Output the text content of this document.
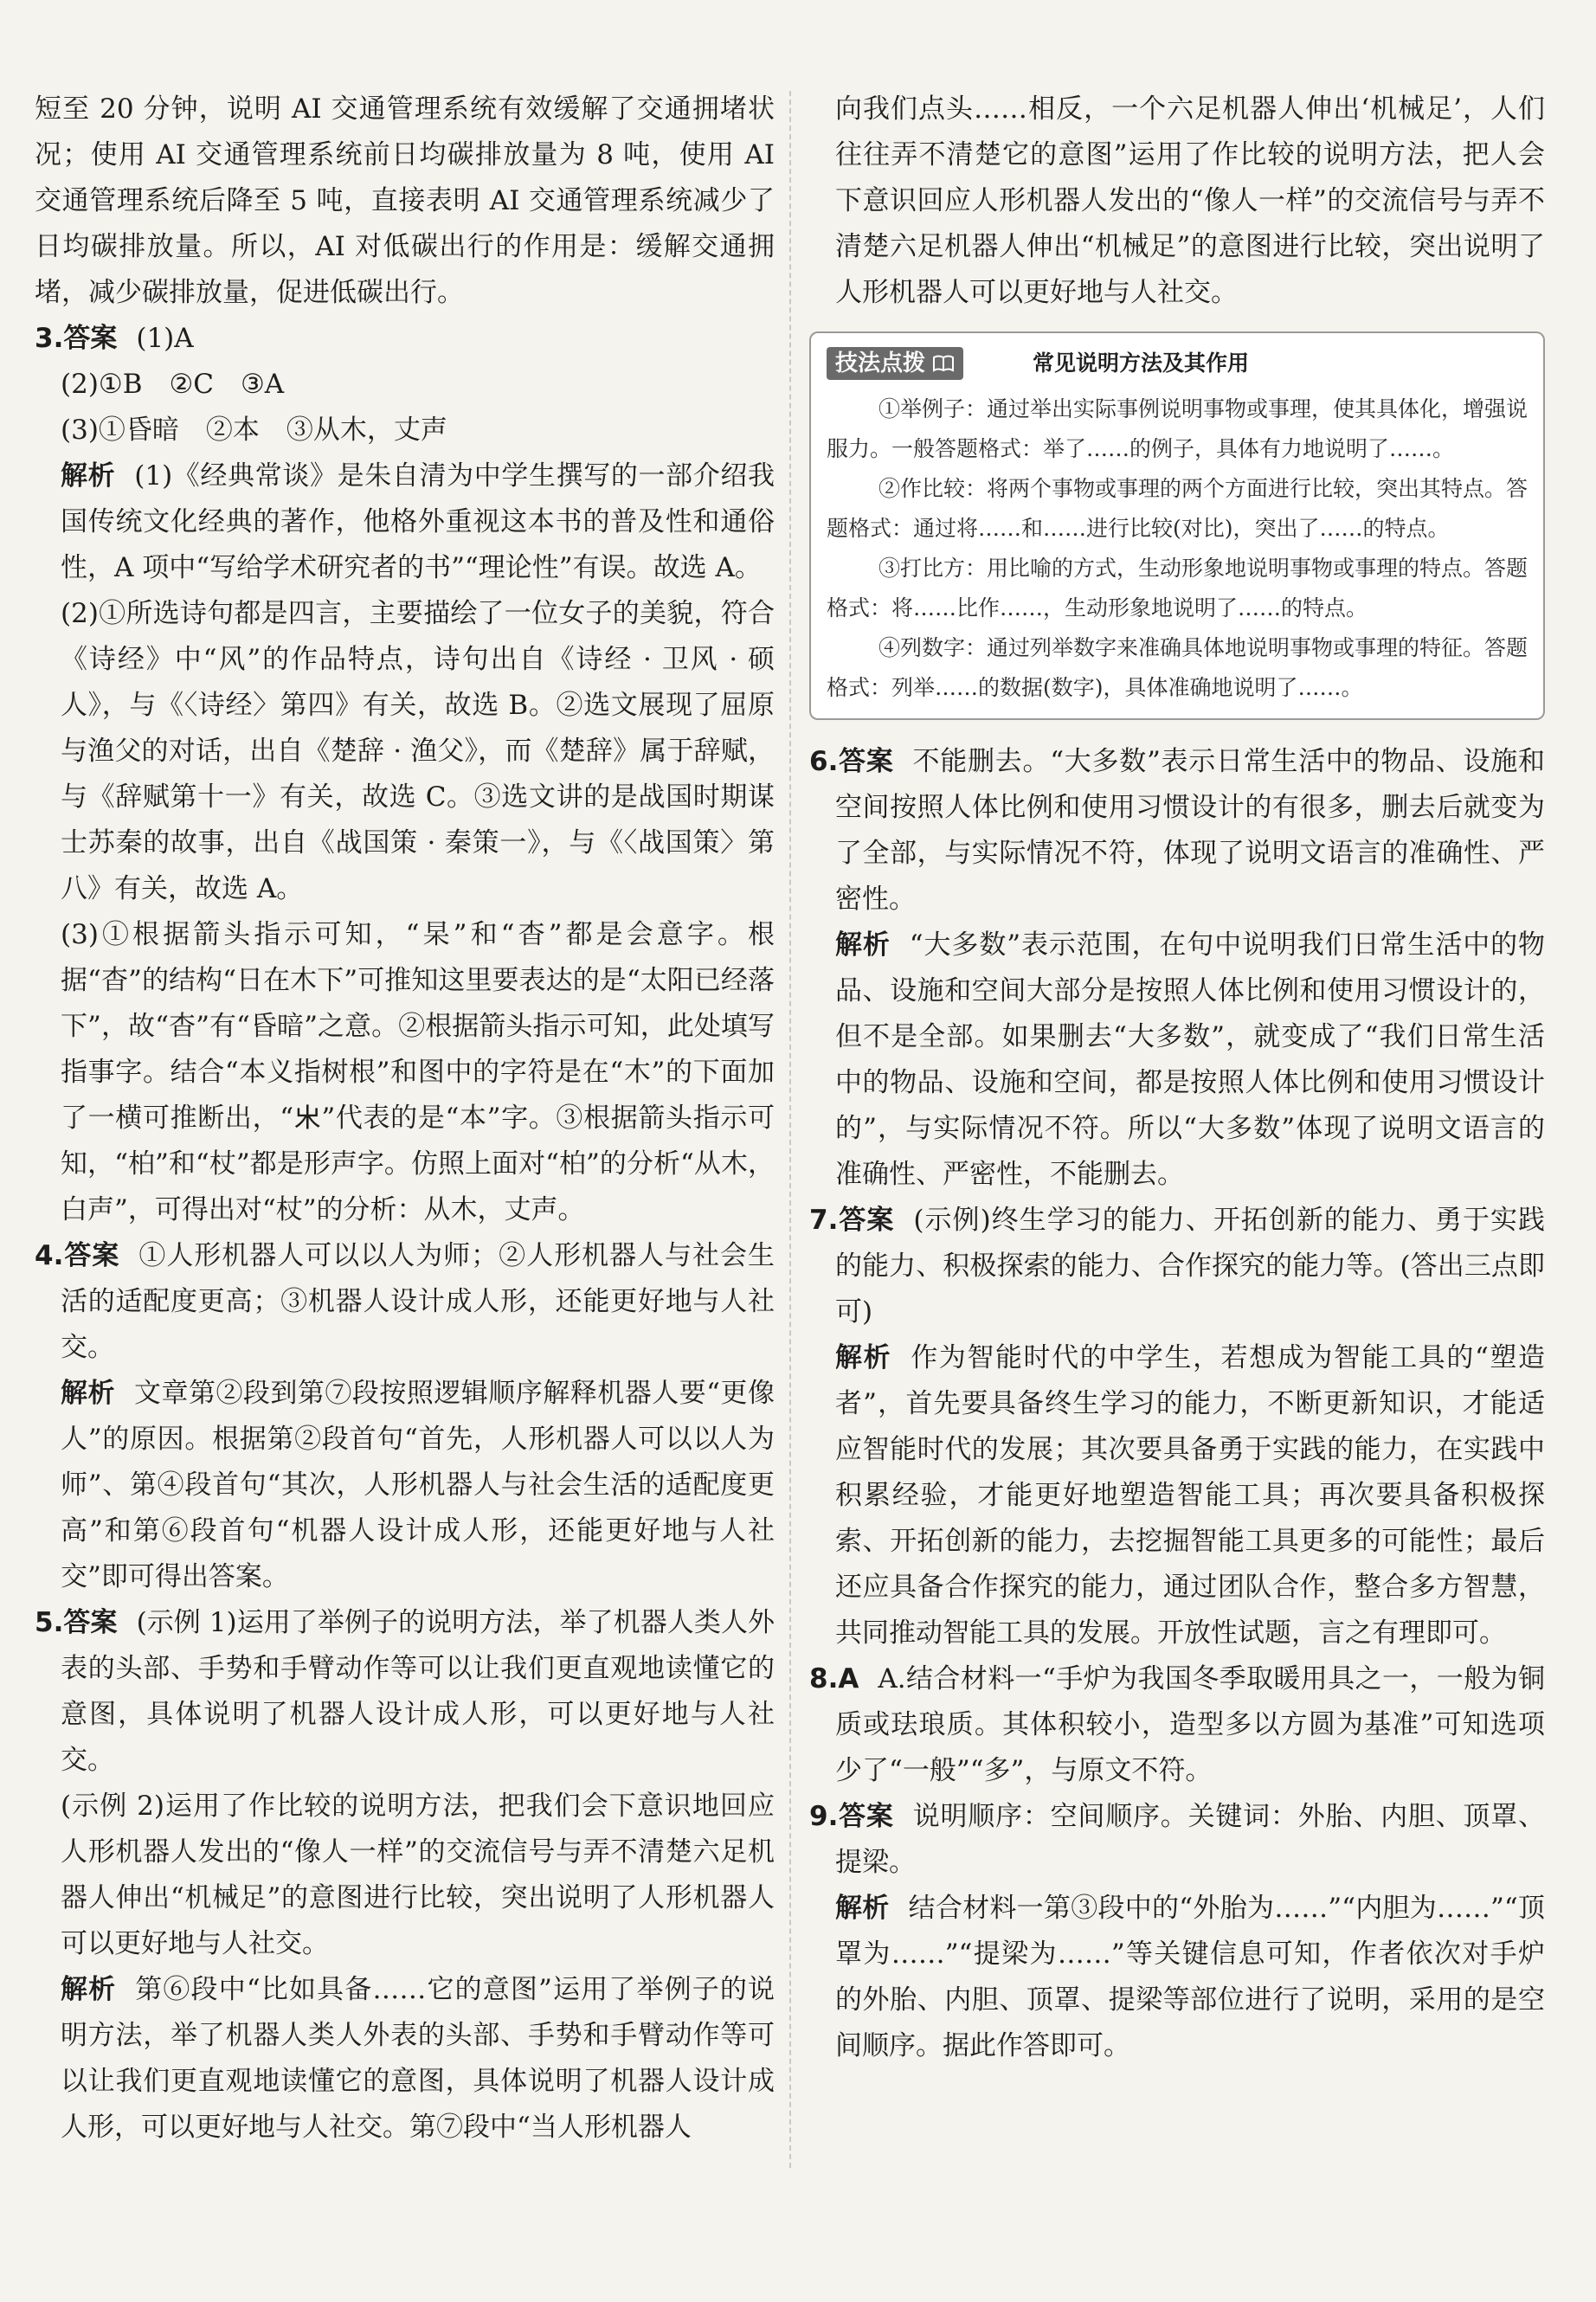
短至 20 分钟，说明 AI 交通管理系统有效缓解了交通拥堵状况；使用 AI 交通管理系统前日均碳排放量为 8 吨，使用 AI 交通管理系统后降至 5 吨，直接表明 AI 交通管理系统减少了日均碳排放量。所以，AI 对低碳出行的作用是：缓解交通拥堵，减少碳排放量，促进低碳出行。

3.答案 (1)A

(2)①B　②C　③A

(3)①昏暗　②本　③从木，丈声

解析 (1)《经典常谈》是朱自清为中学生撰写的一部介绍我国传统文化经典的著作，他格外重视这本书的普及性和通俗性，A 项中“写给学术研究者的书”“理论性”有误。故选 A。

(2)①所选诗句都是四言，主要描绘了一位女子的美貌，符合《诗经》中“风”的作品特点，诗句出自《诗经 · 卫风 · 硕人》，与《〈诗经〉第四》有关，故选 B。②选文展现了屈原与渔父的对话，出自《楚辞 · 渔父》，而《楚辞》属于辞赋，与《辞赋第十一》有关，故选 C。③选文讲的是战国时期谋士苏秦的故事，出自《战国策 · 秦策一》，与《〈战国策〉第八》有关，故选 A。

(3)①根据箭头指示可知，“杲”和“杳”都是会意字。根据“杳”的结构“日在木下”可推知这里要表达的是“太阳已经落下”，故“杳”有“昏暗”之意。②根据箭头指示可知，此处填写指事字。结合“本义指树根”和图中的字符是在“木”的下面加了一横可推断出，“𣎵”代表的是“本”字。③根据箭头指示可知，“柏”和“杖”都是形声字。仿照上面对“柏”的分析“从木，白声”，可得出对“杖”的分析：从木，丈声。

4.答案 ①人形机器人可以以人为师；②人形机器人与社会生活的适配度更高；③机器人设计成人形，还能更好地与人社交。

解析 文章第②段到第⑦段按照逻辑顺序解释机器人要“更像人”的原因。根据第②段首句“首先，人形机器人可以以人为师”、第④段首句“其次，人形机器人与社会生活的适配度更高”和第⑥段首句“机器人设计成人形，还能更好地与人社交”即可得出答案。

5.答案 (示例 1)运用了举例子的说明方法，举了机器人类人外表的头部、手势和手臂动作等可以让我们更直观地读懂它的意图，具体说明了机器人设计成人形，可以更好地与人社交。

(示例 2)运用了作比较的说明方法，把我们会下意识地回应人形机器人发出的“像人一样”的交流信号与弄不清楚六足机器人伸出“机械足”的意图进行比较，突出说明了人形机器人可以更好地与人社交。

解析 第⑥段中“比如具备……它的意图”运用了举例子的说明方法，举了机器人类人外表的头部、手势和手臂动作等可以让我们更直观地读懂它的意图，具体说明了机器人设计成人形，可以更好地与人社交。第⑦段中“当人形机器人

向我们点头……相反，一个六足机器人伸出‘机械足’，人们往往弄不清楚它的意图”运用了作比较的说明方法，把人会下意识回应人形机器人发出的“像人一样”的交流信号与弄不清楚六足机器人伸出“机械足”的意图进行比较，突出说明了人形机器人可以更好地与人社交。

技法点拨	常见说明方法及其作用

①举例子：通过举出实际事例说明事物或事理，使其具体化，增强说服力。一般答题格式：举了……的例子，具体有力地说明了……。

②作比较：将两个事物或事理的两个方面进行比较，突出其特点。答题格式：通过将……和……进行比较(对比)，突出了……的特点。

③打比方：用比喻的方式，生动形象地说明事物或事理的特点。答题格式：将……比作……，生动形象地说明了……的特点。

④列数字：通过列举数字来准确具体地说明事物或事理的特征。答题格式：列举……的数据(数字)，具体准确地说明了……。

6.答案 不能删去。“大多数”表示日常生活中的物品、设施和空间按照人体比例和使用习惯设计的有很多，删去后就变为了全部，与实际情况不符，体现了说明文语言的准确性、严密性。

解析 “大多数”表示范围，在句中说明我们日常生活中的物品、设施和空间大部分是按照人体比例和使用习惯设计的，但不是全部。如果删去“大多数”，就变成了“我们日常生活中的物品、设施和空间，都是按照人体比例和使用习惯设计的”，与实际情况不符。所以“大多数”体现了说明文语言的准确性、严密性，不能删去。

7.答案 (示例)终生学习的能力、开拓创新的能力、勇于实践的能力、积极探索的能力、合作探究的能力等。(答出三点即可)

解析 作为智能时代的中学生，若想成为智能工具的“塑造者”，首先要具备终生学习的能力，不断更新知识，才能适应智能时代的发展；其次要具备勇于实践的能力，在实践中积累经验，才能更好地塑造智能工具；再次要具备积极探索、开拓创新的能力，去挖掘智能工具更多的可能性；最后还应具备合作探究的能力，通过团队合作，整合多方智慧，共同推动智能工具的发展。开放性试题，言之有理即可。

8.A A.结合材料一“手炉为我国冬季取暖用具之一，一般为铜质或珐琅质。其体积较小，造型多以方圆为基准”可知选项少了“一般”“多”，与原文不符。

9.答案 说明顺序：空间顺序。关键词：外胎、内胆、顶罩、提梁。

解析 结合材料一第③段中的“外胎为……”“内胆为……”“顶罩为……”“提梁为……”等关键信息可知，作者依次对手炉的外胎、内胆、顶罩、提梁等部位进行了说明，采用的是空间顺序。据此作答即可。
